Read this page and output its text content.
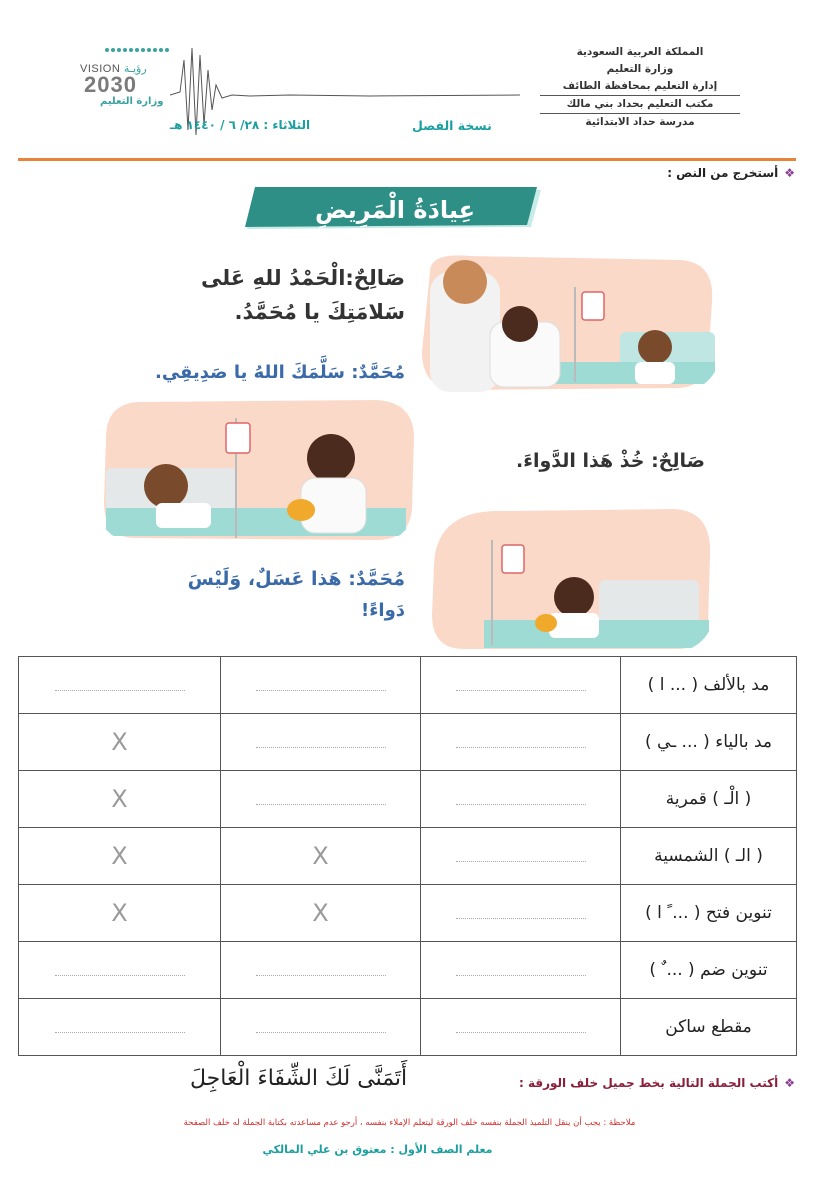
المملكة العربية السعودية
وزارة التعليم
إدارة التعليم بمحافظة الطائف
مكتب التعليم بحداد بني مالك
مدرسة حداد الابتدائية
VISION رؤيـة
2030
وزارة التعليم
الثلاثاء : ٢٨/ ٦ / ١٤٤٠ هـ	نسخة الفصل
❖أستخرج من النص :
عِيادَةُ الْمَرِيضِ
صَالِحٌ:الْحَمْدُ للهِ عَلى
سَلامَتِكَ يا مُحَمَّدُ.
مُحَمَّدٌ: سَلَّمَكَ اللهُ يا صَدِيقِي.
صَالِحٌ: خُذْ هَذا الدَّواءَ.
مُحَمَّدٌ: هَذا عَسَلٌ، وَلَيْسَ
دَواءً!
			مد بالألف ( ... ا )
X			مد بالياء ( ... ـي )
X			( الْـ ) قمرية
X	X		( الـ ) الشمسية
X	X		تنوين فتح ( ... ً ا )
			تنوين ضم ( ... ٌ )
			مقطع ساكن
❖أكتب الجملة التالية بخط جميل خلف الورقة :
أَتَمَنَّى لَكَ الشِّفَاءَ الْعَاجِلَ
ملاحظة : يجب أن ينقل التلميذ الجملة بنفسه خلف الورقة ليتعلم الإملاء بنفسه ، أرجو عدم مساعدته بكتابة الجملة له خلف الصفحة
معلم الصف الأول : معتوق بن علي المالكي
